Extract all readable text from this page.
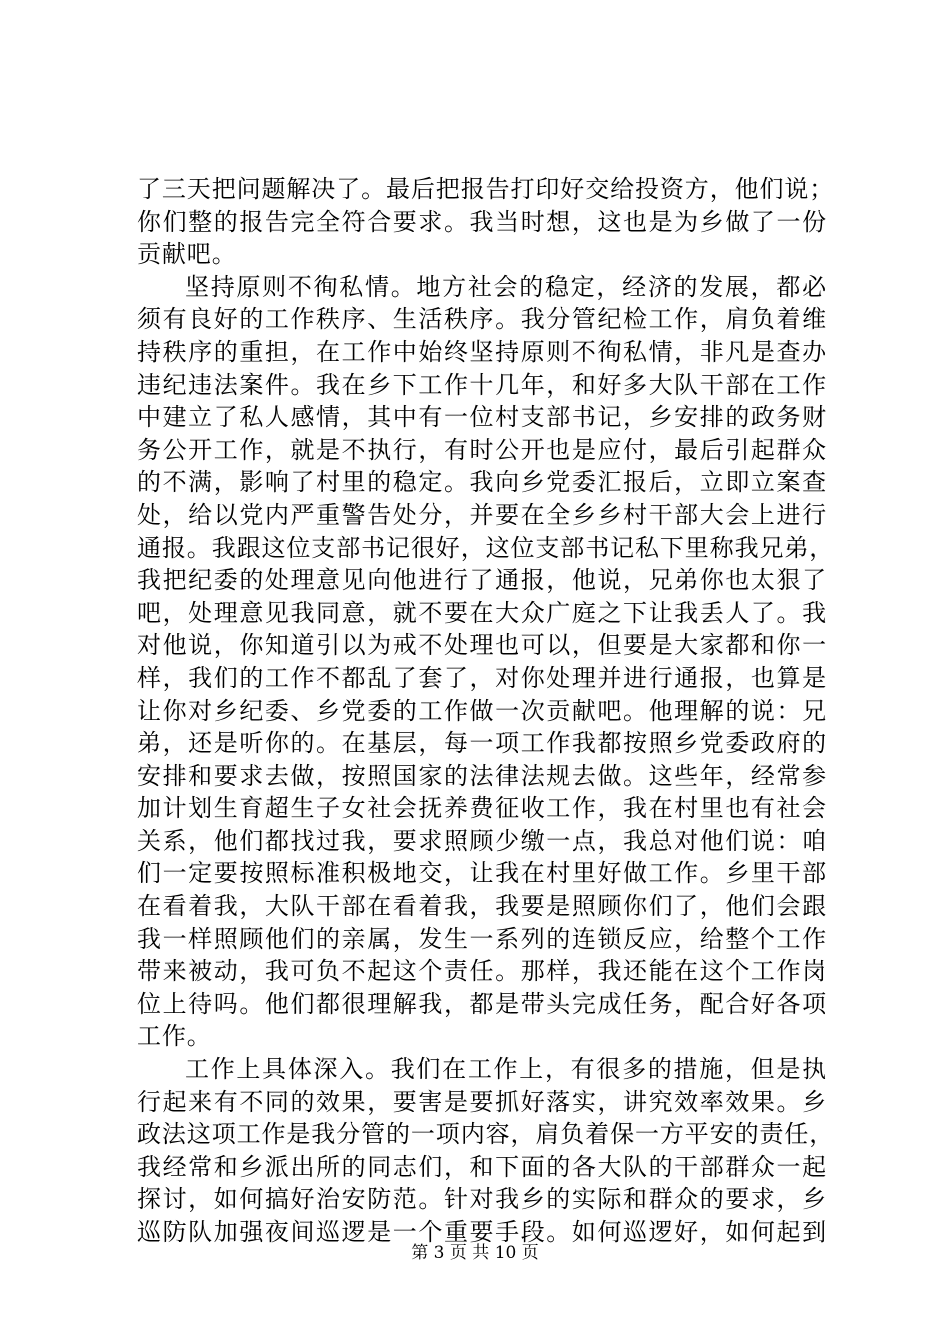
了三天把问题解决了。最后把报告打印好交给投资方，他们说；
你们整的报告完全符合要求。我当时想，这也是为乡做了一份
贡献吧。
坚持原则不徇私情。地方社会的稳定，经济的发展，都必
须有良好的工作秩序、生活秩序。我分管纪检工作，肩负着维
持秩序的重担，在工作中始终坚持原则不徇私情，非凡是查办
违纪违法案件。我在乡下工作十几年，和好多大队干部在工作
中建立了私人感情，其中有一位村支部书记，乡安排的政务财
务公开工作，就是不执行，有时公开也是应付，最后引起群众
的不满，影响了村里的稳定。我向乡党委汇报后，立即立案查
处，给以党内严重警告处分，并要在全乡乡村干部大会上进行
通报。我跟这位支部书记很好，这位支部书记私下里称我兄弟，
我把纪委的处理意见向他进行了通报，他说，兄弟你也太狠了
吧，处理意见我同意，就不要在大众广庭之下让我丢人了。我
对他说，你知道引以为戒不处理也可以，但要是大家都和你一
样，我们的工作不都乱了套了，对你处理并进行通报，也算是
让你对乡纪委、乡党委的工作做一次贡献吧。他理解的说：兄
弟，还是听你的。在基层，每一项工作我都按照乡党委政府的
安排和要求去做，按照国家的法律法规去做。这些年，经常参
加计划生育超生子女社会抚养费征收工作，我在村里也有社会
关系，他们都找过我，要求照顾少缴一点，我总对他们说：咱
们一定要按照标准积极地交，让我在村里好做工作。乡里干部
在看着我，大队干部在看着我，我要是照顾你们了，他们会跟
我一样照顾他们的亲属，发生一系列的连锁反应，给整个工作
带来被动，我可负不起这个责任。那样，我还能在这个工作岗
位上待吗。他们都很理解我，都是带头完成任务，配合好各项
工作。
工作上具体深入。我们在工作上，有很多的措施，但是执
行起来有不同的效果，要害是要抓好落实，讲究效率效果。乡
政法这项工作是我分管的一项内容，肩负着保一方平安的责任，
我经常和乡派出所的同志们，和下面的各大队的干部群众一起
探讨，如何搞好治安防范。针对我乡的实际和群众的要求，乡
巡防队加强夜间巡逻是一个重要手段。如何巡逻好，如何起到
第 3 页 共 10 页
